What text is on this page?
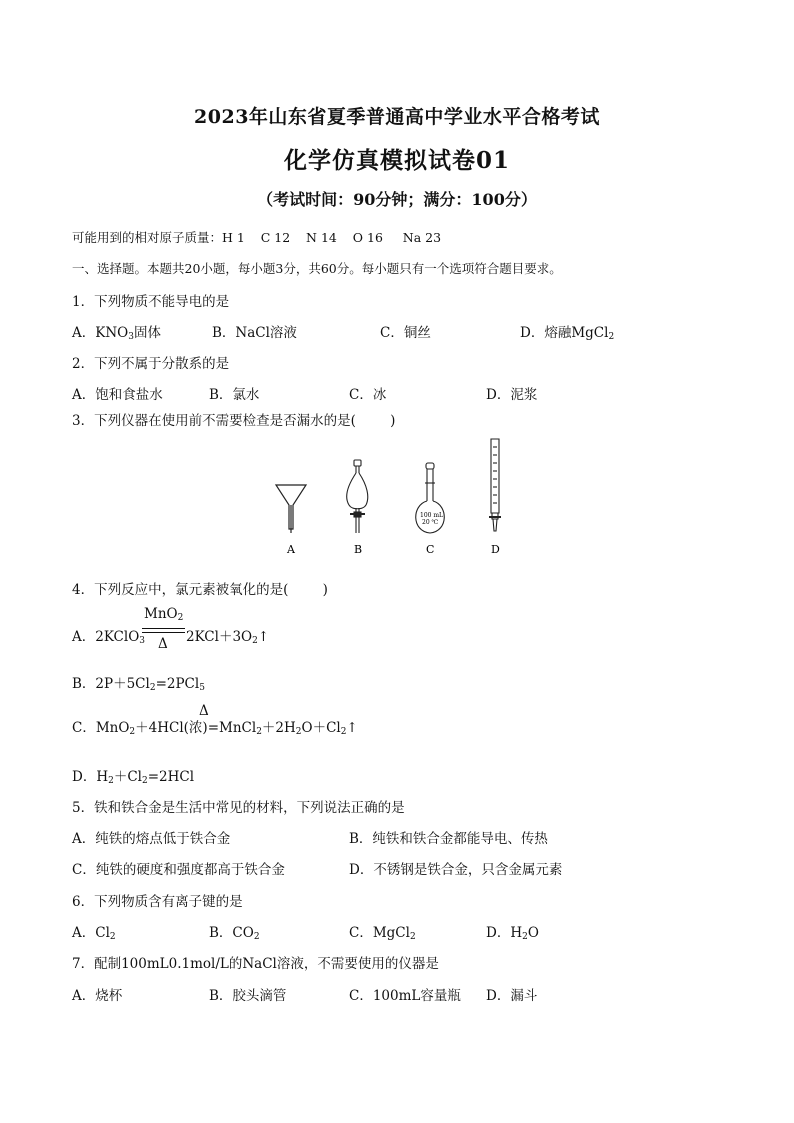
2023年山东省夏季普通高中学业水平合格考试
化学仿真模拟试卷01
（考试时间：90分钟；满分：100分）
可能用到的相对原子质量：H 1    C 12    N 14    O 16     Na 23
一、选择题。本题共20小题，每小题3分，共60分。每小题只有一个选项符合题目要求。
1．下列物质不能导电的是
A．$KNO_3$固体	B．NaCl溶液	C．铜丝	D．熔融MgCl$_2$
2．下列不属于分散系的是
A．饱和食盐水	B．氯水	C．冰	D．泥浆
3．下列仪器在使用前不需要检查是否漏水的是(        )
A	B
100 mL
20 ℃
C	D
4．下列反应中，氯元素被氧化的是(        )
A．2KClO$_3$
MnO$_2$
Δ $2KCl+3O_2↑$
B．$2P+5Cl_2=2PCl_5$
Δ
C．MnO$_2$＋4HCl(浓)$=MnCl_2+2H_2O+Cl_2↑$
D．$H_2+Cl_2=2HCl$
5．铁和铁合金是生活中常见的材料，下列说法正确的是
A．纯铁的熔点低于铁合金	B．纯铁和铁合金都能导电、传热
C．纯铁的硬度和强度都高于铁合金	D．不锈钢是铁合金，只含金属元素
6．下列物质含有离子键的是
A．$Cl_2$	B．$CO_2$	C．MgCl$_2$	D．$H_2O$
7．配制100mL0.1mol/L的NaCl溶液，不需要使用的仪器是
A．烧杯	B．胶头滴管	C．100mL容量瓶 D．漏斗
